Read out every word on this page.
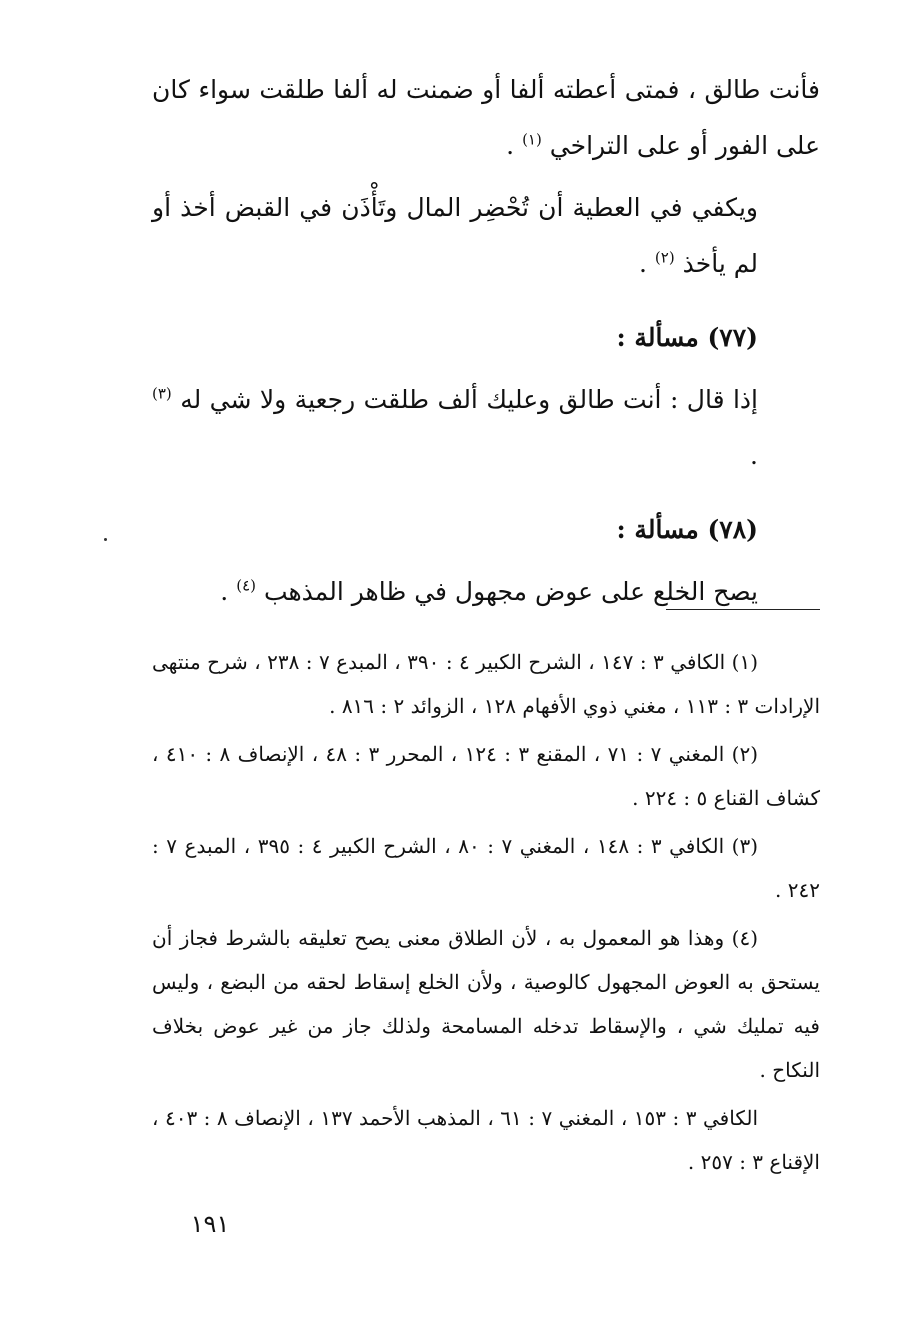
فأنت طالق ، فمتى أعطته ألفا أو ضمنت له ألفا طلقت سواء كان على الفور أو على التراخي $^{(١)}$ .

ويكفي في العطية أن تُحْضِر المال وتَأْذَن في القبض أخذ أو لم يأخذ $^{(٢)}$ .

(٧٧) مسألة :

إذا قال : أنت طالق وعليك ألف طلقت رجعية ولا شي له $^{(٣)}$ .

(٧٨) مسألة :

يصح الخلع على عوض مجهول في ظاهر المذهب $^{(٤)}$ .

(١) الكافي ٣ : ١٤٧ ، الشرح الكبير ٤ : ٣٩٠ ، المبدع ٧ : ٢٣٨ ، شرح منتهى الإرادات ٣ : ١١٣ ، مغني ذوي الأفهام ١٢٨ ، الزوائد ٢ : ٨١٦ .

(٢) المغني ٧ : ٧١ ، المقنع ٣ : ١٢٤ ، المحرر ٣ : ٤٨ ، الإنصاف ٨ : ٤١٠ ، كشاف القناع ٥ : ٢٢٤ .

(٣) الكافي ٣ : ١٤٨ ، المغني ٧ : ٨٠ ، الشرح الكبير ٤ : ٣٩٥ ، المبدع ٧ : ٢٤٢ .

(٤) وهذا هو المعمول به ، لأن الطلاق معنى يصح تعليقه بالشرط فجاز أن يستحق به العوض المجهول كالوصية ، ولأن الخلع إسقاط لحقه من البضع ، وليس فيه تمليك شي ، والإسقاط تدخله المسامحة ولذلك جاز من غير عوض بخلاف النكاح .

الكافي ٣ : ١٥٣ ، المغني ٧ : ٦١ ، المذهب الأحمد ١٣٧ ، الإنصاف ٨ : ٤٠٣ ، الإقناع ٣ : ٢٥٧ .

١٩١
